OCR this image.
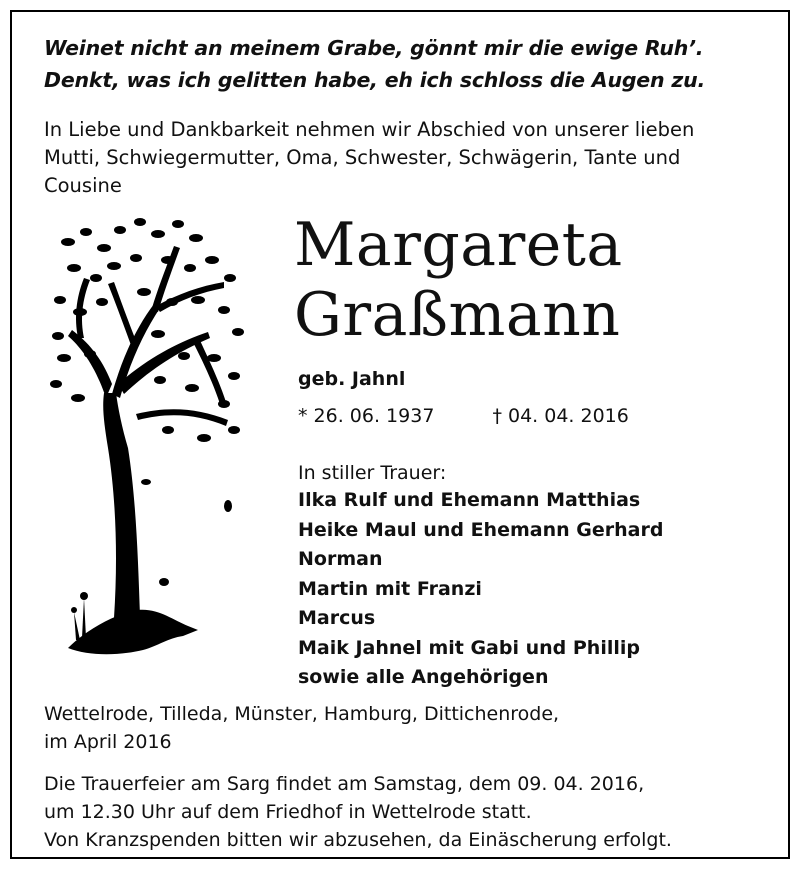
Weinet nicht an meinem Grabe, gönnt mir die ewige Ruh’.
Denkt, was ich gelitten habe, eh ich schloss die Augen zu.
In Liebe und Dankbarkeit nehmen wir Abschied von unserer lieben
Mutti, Schwiegermutter, Oma, Schwester, Schwägerin, Tante und
Cousine
Margareta
Graßmann
geb. Jahnl
* 26. 06. 1937	† 04. 04. 2016
In stiller Trauer:
Ilka Rulf und Ehemann Matthias
Heike Maul und Ehemann Gerhard
Norman
Martin mit Franzi
Marcus
Maik Jahnel mit Gabi und Phillip
sowie alle Angehörigen
Wettelrode, Tilleda, Münster, Hamburg, Dittichenrode,
im April 2016
Die Trauerfeier am Sarg findet am Samstag, dem 09. 04. 2016,
um 12.30 Uhr auf dem Friedhof in Wettelrode statt.
Von Kranzspenden bitten wir abzusehen, da Einäscherung erfolgt.
